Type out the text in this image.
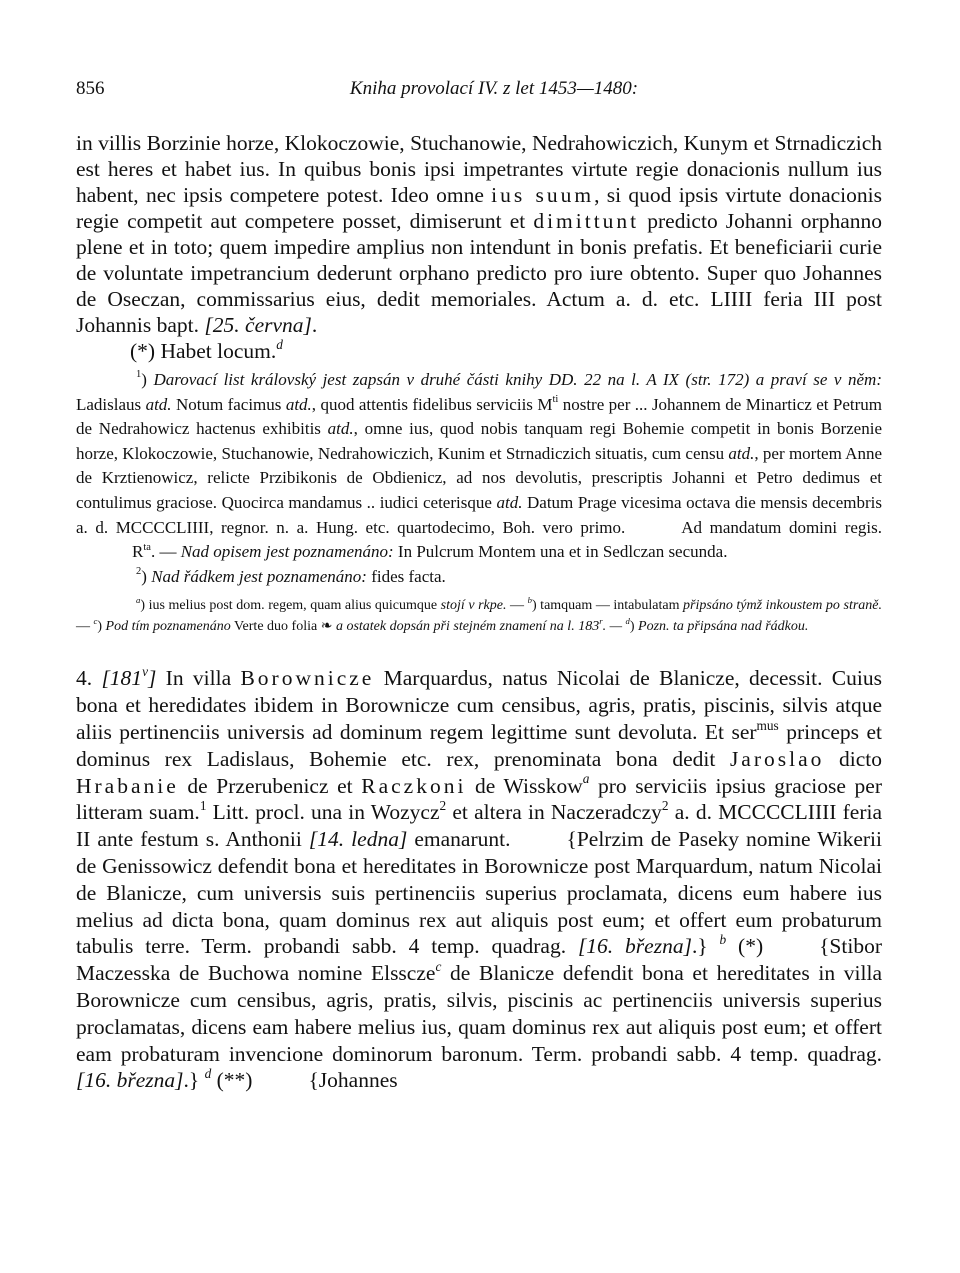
856	Kniha provolací IV. z let 1453—1480:

in villis Borzinie horze, Klokoczowie, Stuchanowie, Nedrahowiczich, Kunym et Strnadiczich est heres et habet ius. In quibus bonis ipsi impetrantes virtute regie donacionis nullum ius habent, nec ipsis competere potest. Ideo omne ius suum, si quod ipsis virtute donacionis regie competit aut competere posset, dimiserunt et dimittunt predicto Johanni orphanno plene et in toto; quem impedire amplius non intendunt in bonis prefatis. Et beneficiarii curie de voluntate impetrancium dederunt orphano predicto pro iure obtento. Super quo Johannes de Oseczan, commissarius eius, dedit memoriales. Actum a. d. etc. LIIII feria III post Johannis bapt. [25. června].

(*) Habet locum.$^d$

$^1$) Darovací list královský jest zapsán v druhé části knihy DD. 22 na l. A IX (str. 172) a praví se v něm: Ladislaus atd. Notum facimus atd., quod attentis fidelibus serviciis $M^{ti}$ nostre per ... Johannem de Minarticz et Petrum de Nedrahowicz hactenus exhibitis atd., omne ius, quod nobis tanquam regi Bohemie competit in bonis Borzenie horze, Klokoczowie, Stuchanowie, Nedrahowiczich, Kunim et Strnadiczich situatis, cum censu atd., per mortem Anne de Krztienowicz, relicte Przibikonis de Obdienicz, ad nos devolutis, prescriptis Johanni et Petro dedimus et contulimus graciose. Quocirca mandamus .. iudici ceterisque atd. Datum Prage vicesima octava die mensis decembris a. d. MCCCCLIIII, regnor. n. a. Hung. etc. quartodecimo, Boh. vero primo.	Ad mandatum domini $regis.R^{ta}$. — Nad opisem jest poznamenáno: In Pulcrum Montem una et in Sedlczan secunda.

$^2$) Nad řádkem jest poznamenáno: fides facta.

$^a$) ius melius post dom. regem, quam alius quicumque stojí v rkpe. — $^b$) tamquam — intabulatam připsáno týmž inkoustem po straně. — $^c$) Pod tím poznamenáno Verte duo folia ❧ a ostatek dopsán při stejném znamení na l. 183$^r$. — $^d$) Pozn. ta připsána nad řádkou.

4. [181$^v$] In villa Borownicze Marquardus, natus Nicolai de Blanicze, decessit. Cuius bona et heredidates ibidem in Borownicze cum censibus, agris, pratis, piscinis, silvis atque aliis pertinenciis universis ad dominum regem legittime sunt devoluta. Et ser$^{mus}$ princeps et dominus rex Ladislaus, Bohemie etc. rex, prenominata bona dedit Jaroslao dicto Hrabanie de Przerubenicz et Raczkoni de Wisskow$^a$ pro serviciis ipsius graciose per litteram suam.$^1$ Litt. procl. una in Wozycz$^2$ et altera in Naczeradczy$^2$ a. d. MCCCCLIIII feria II ante festum s. Anthonii [14. ledna] emanarunt.	{Pelrzim de Paseky nomine Wikerii de Genissowicz defendit bona et hereditates in Borownicze post Marquardum, natum Nicolai de Blanicze, cum universis suis pertinenciis superius proclamata, dicens eum habere ius melius ad dicta bona, quam dominus rex aut aliquis post eum; et offert eum probaturum tabulis terre. Term. probandi sabb. 4 temp. quadrag. [16. března].} $^b$ (*)	{Stibor Maczesska de Buchowa nomine Elsscze$^c$ de Blanicze defendit bona et hereditates in villa Borownicze cum censibus, agris, pratis, silvis, piscinis ac pertinenciis universis superius proclamatas, dicens eam habere melius ius, quam dominus rex aut aliquis post eum; et offert eam probaturam invencione dominorum baronum. Term. probandi sabb. 4 temp. quadrag. [16. března].} $^d$ (**)	{Johannes
